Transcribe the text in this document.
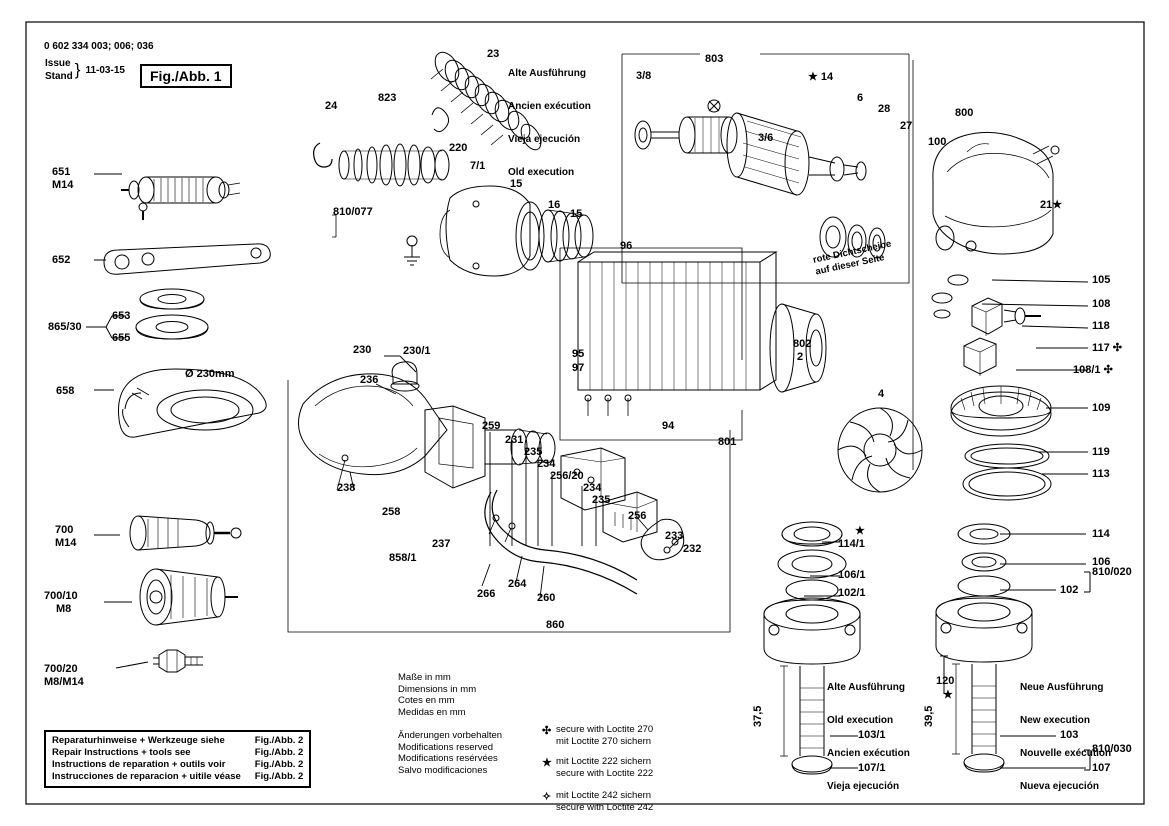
0 602 334 003; 006; 036
Issue	}	11-03-15
Stand	Fig./Abb. 1
651
M14
652
865/30
653
655
658
Ø 230mm
700
M14
700/10
M8
700/20
M8/M14
23

Alte Ausführung

Ancien exécution

Vieja ejecución

Old execution

24
823
220
7/1
15
16
15
810/077
3/8
803
3/6
★ 14
6
28
27
800
100
21★
rote Dichtscheibe
auf dieser Seite
105
108
118
117 ✣
108/1 ✣
109
119
113
114
106
810/020
102
103
810/030
107
120
★
39,5
96
95
97
94
801
802
2
4
230	230/1
236
238
258
237
858/1
259
231
235
234
256/20
234
235
256
233
232
266
264
260
860
114/1
★
106/1
102/1
103/1
107/1
37,5

Alte Ausführung

Old execution

Ancien exécution

Vieja ejecución

Neue Ausführung

New execution

Nouvelle exécution

Nueva ejecución

Maße in mm
Dimensions in mm
Cotes en mm
Medidas en mm
Änderungen vorbehalten
Modifications reserved
Modifications resérvées
Salvo modificaciones
✣ secure with Loctite 270
mit Loctite 270 sichern
★ mit Loctite 222 sichern
secure with Loctite 222
✧ mit Loctite 242 sichern
secure with Loctite 242
Reparaturhinweise + Werkzeuge siehe	Fig./Abb. 2
Repair Instructions + tools see	Fig./Abb. 2
Instructions de reparation + outils voir	Fig./Abb. 2
Instrucciones de reparacion + uitile véase	Fig./Abb. 2
